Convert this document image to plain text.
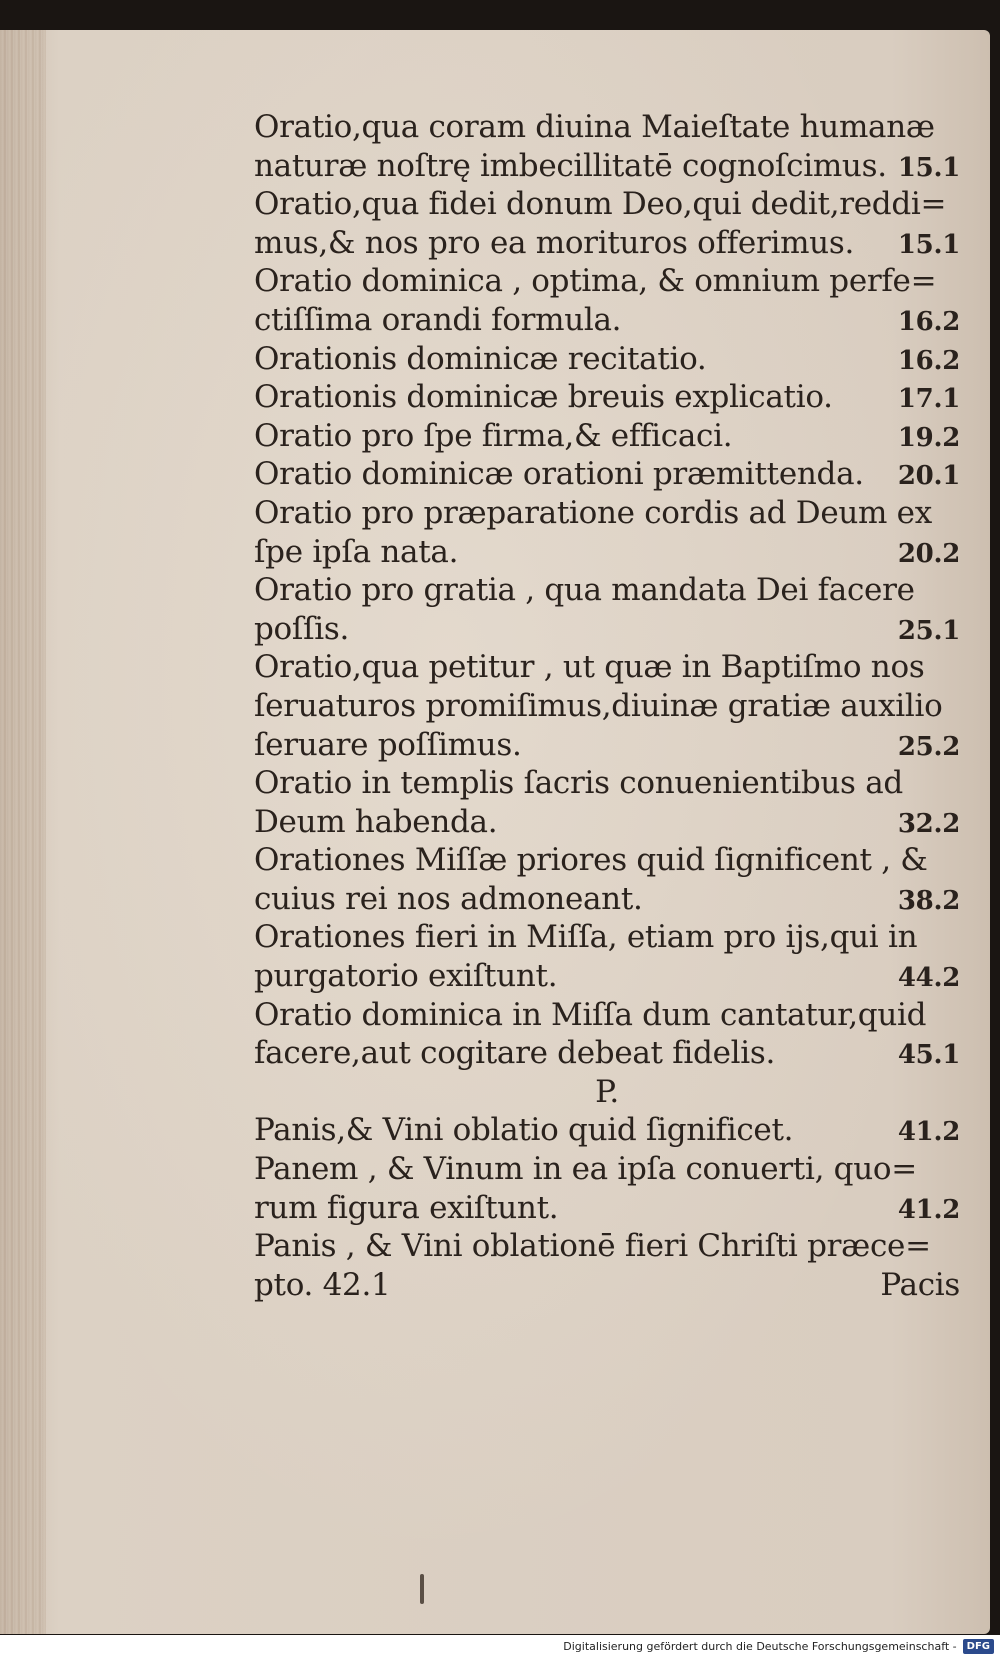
Oratio,qua coram diuina Maieſtate humanæ
naturæ noſtrę imbecillitatē cognoſcimus. 15.1
Oratio,qua fidei donum Deo,qui dedit,reddi=
mus,& nos pro ea morituros offerimus.	15.1
Oratio dominica , optima, & omnium perfe=
ctiſſima orandi formula.	16.2
Orationis dominicæ recitatio.	16.2
Orationis dominicæ breuis explicatio.	17.1
Oratio pro ſpe firma,& efficaci.	19.2
Oratio dominicæ orationi præmittenda.	20.1
Oratio pro præparatione cordis ad Deum ex
ſpe ipſa nata.	20.2
Oratio pro gratia , qua mandata Dei facere
poſſis.	25.1
Oratio,qua petitur , ut quæ in Baptiſmo nos
ſeruaturos promiſimus,diuinæ gratiæ auxilio
ſeruare poſſimus.	25.2
Oratio in templis ſacris conuenientibus ad
Deum habenda.	32.2
Orationes Miſſæ priores quid ſignificent , &
cuius rei nos admoneant.	38.2
Orationes fieri in Miſſa, etiam pro ijs,qui in
purgatorio exiſtunt.	44.2
Oratio dominica in Miſſa dum cantatur,quid
facere,aut cogitare debeat fidelis.	45.1
P.
Panis,& Vini oblatio quid ſignificet.	41.2
Panem , & Vinum in ea ipſa conuerti, quo=
rum figura exiſtunt.	41.2
Panis , & Vini oblationē fieri Chriſti præce=
pto. 42.1	Pacis
Digitalisierung gefördert durch die Deutsche Forschungsgemeinschaft -	DFG
